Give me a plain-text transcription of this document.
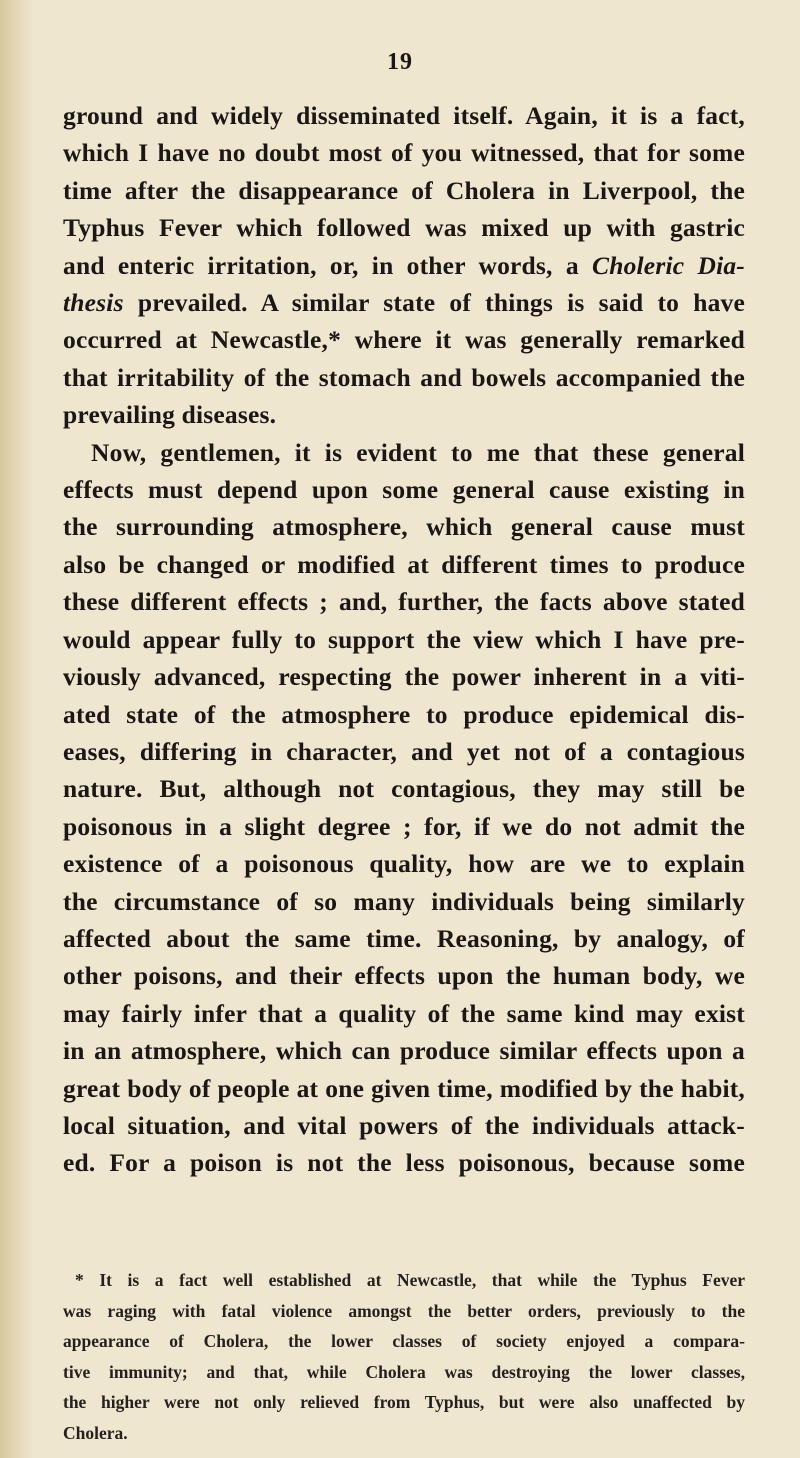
19
ground and widely disseminated itself. Again, it is a fact,
which I have no doubt most of you witnessed, that for some
time after the disappearance of Cholera in Liverpool, the
Typhus Fever which followed was mixed up with gastric
and enteric irritation, or, in other words, a Choleric Dia-
thesis prevailed. A similar state of things is said to have
occurred at Newcastle,* where it was generally remarked
that irritability of the stomach and bowels accompanied the
prevailing diseases.
Now, gentlemen, it is evident to me that these general
effects must depend upon some general cause existing in
the surrounding atmosphere, which general cause must
also be changed or modified at different times to produce
these different effects ; and, further, the facts above stated
would appear fully to support the view which I have pre-
viously advanced, respecting the power inherent in a viti-
ated state of the atmosphere to produce epidemical dis-
eases, differing in character, and yet not of a contagious
nature. But, although not contagious, they may still be
poisonous in a slight degree ; for, if we do not admit the
existence of a poisonous quality, how are we to explain
the circumstance of so many individuals being similarly
affected about the same time. Reasoning, by analogy, of
other poisons, and their effects upon the human body, we
may fairly infer that a quality of the same kind may exist
in an atmosphere, which can produce similar effects upon a
great body of people at one given time, modified by the habit,
local situation, and vital powers of the individuals attack-
ed. For a poison is not the less poisonous, because some
* It is a fact well established at Newcastle, that while the Typhus Fever
was raging with fatal violence amongst the better orders, previously to the
appearance of Cholera, the lower classes of society enjoyed a compara-
tive immunity; and that, while Cholera was destroying the lower classes,
the higher were not only relieved from Typhus, but were also unaffected by
Cholera.
